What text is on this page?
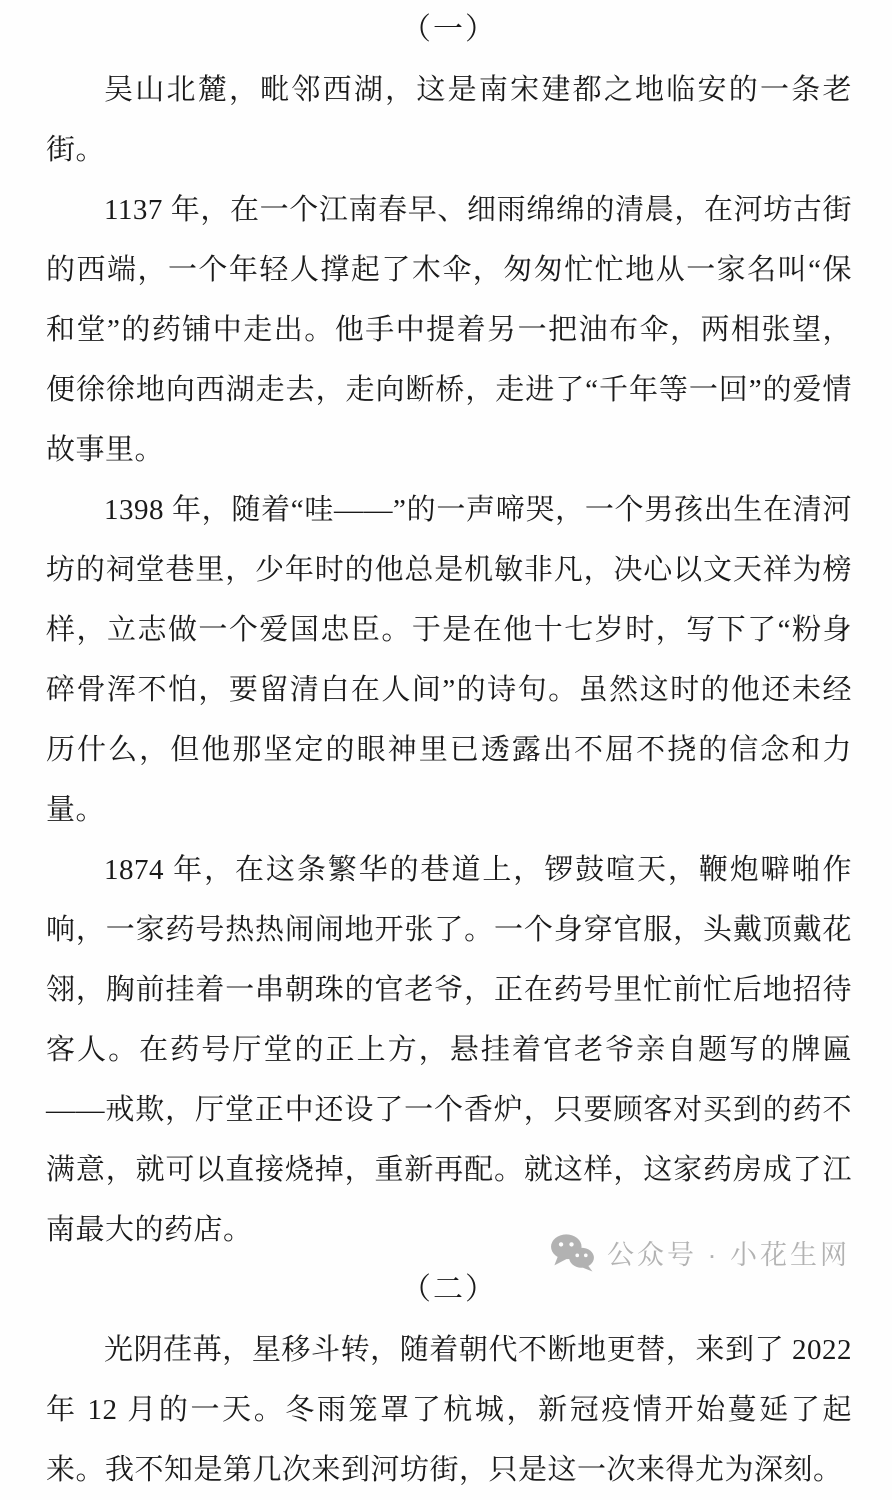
（一）

吴山北麓，毗邻西湖，这是南宋建都之地临安的一条老街。

1137 年，在一个江南春早、细雨绵绵的清晨，在河坊古街的西端，一个年轻人撑起了木伞，匆匆忙忙地从一家名叫“保和堂”的药铺中走出。他手中提着另一把油布伞，两相张望，便徐徐地向西湖走去，走向断桥，走进了“千年等一回”的爱情故事里。

1398 年，随着“哇——”的一声啼哭，一个男孩出生在清河坊的祠堂巷里，少年时的他总是机敏非凡，决心以文天祥为榜样，立志做一个爱国忠臣。于是在他十七岁时，写下了“粉身碎骨浑不怕，要留清白在人间”的诗句。虽然这时的他还未经历什么，但他那坚定的眼神里已透露出不屈不挠的信念和力量。

1874 年，在这条繁华的巷道上，锣鼓喧天，鞭炮噼啪作响，一家药号热热闹闹地开张了。一个身穿官服，头戴顶戴花翎，胸前挂着一串朝珠的官老爷，正在药号里忙前忙后地招待客人。在药号厅堂的正上方，悬挂着官老爷亲自题写的牌匾——戒欺，厅堂正中还设了一个香炉，只要顾客对买到的药不满意，就可以直接烧掉，重新再配。就这样，这家药房成了江南最大的药店。

（二）

光阴荏苒，星移斗转，随着朝代不断地更替，来到了 2022 年 12 月的一天。冬雨笼罩了杭城，新冠疫情开始蔓延了起来。我不知是第几次来到河坊街，只是这一次来得尤为深刻。

公众号 · 小花生网
